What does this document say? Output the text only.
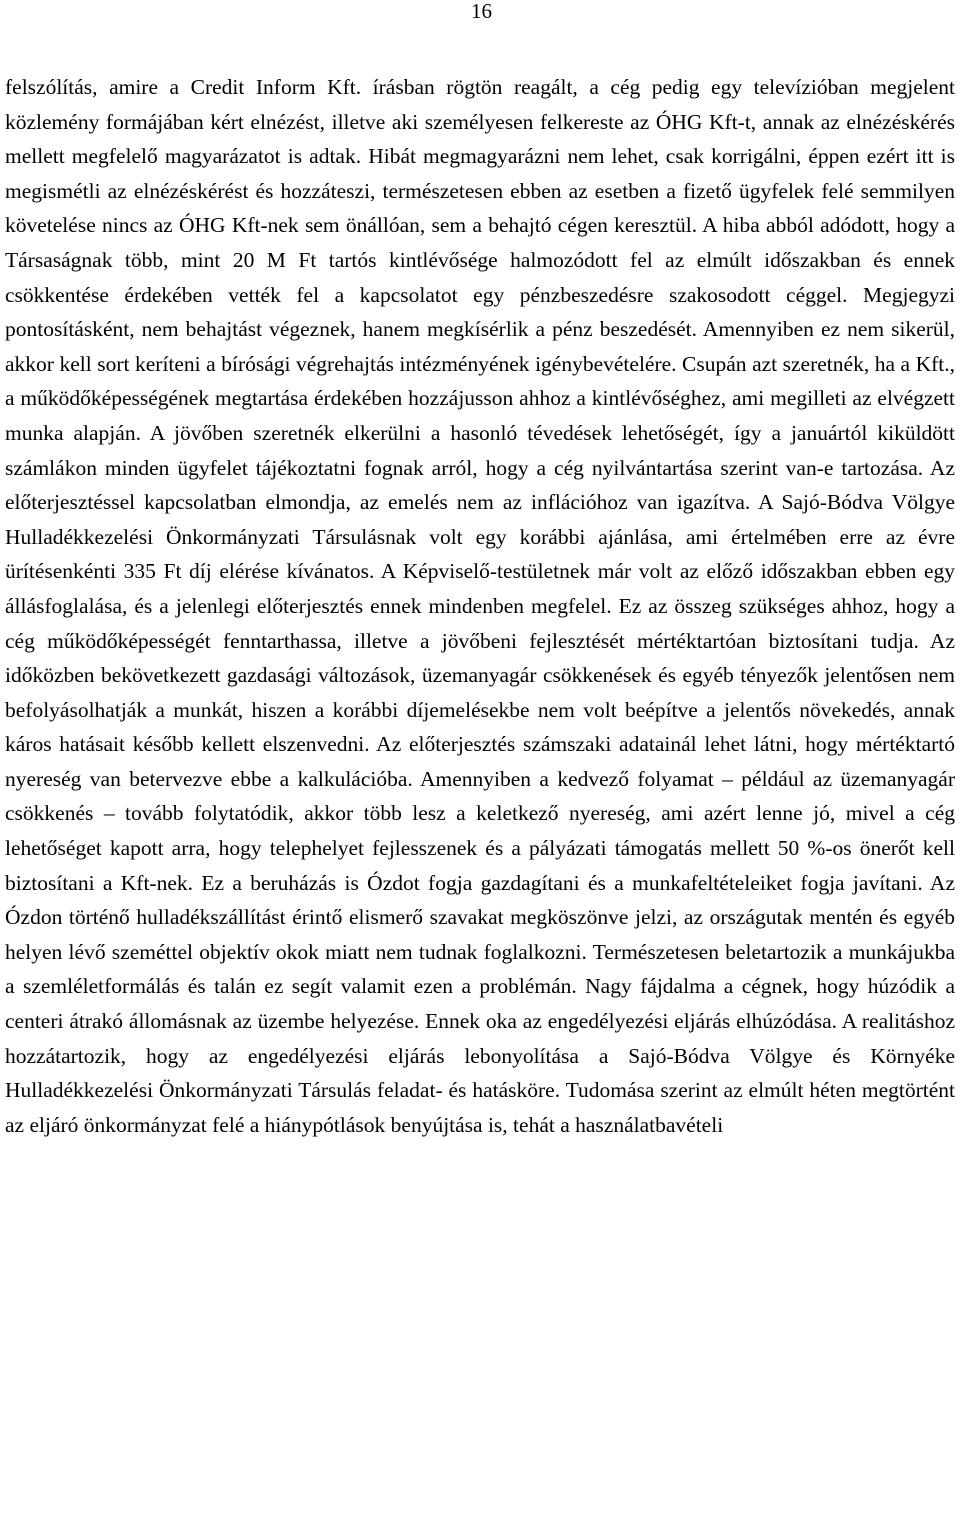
16

felszólítás, amire a Credit Inform Kft. írásban rögtön reagált, a cég pedig egy televízióban megjelent közlemény formájában kért elnézést, illetve aki személyesen felkereste az ÓHG Kft-t, annak az elnézéskérés mellett megfelelő magyarázatot is adtak. Hibát megmagyarázni nem lehet, csak korrigálni, éppen ezért itt is megismétli az elnézéskérést és hozzáteszi, természetesen ebben az esetben a fizető ügyfelek felé semmilyen követelése nincs az ÓHG Kft-nek sem önállóan, sem a behajtó cégen keresztül. A hiba abból adódott, hogy a Társaságnak több, mint 20 M Ft tartós kintlévősége halmozódott fel az elmúlt időszakban és ennek csökkentése érdekében vették fel a kapcsolatot egy pénzbeszedésre szakosodott céggel. Megjegyzi pontosításként, nem behajtást végeznek, hanem megkísérlik a pénz beszedését. Amennyiben ez nem sikerül, akkor kell sort keríteni a bírósági végrehajtás intézményének igénybevételére. Csupán azt szeretnék, ha a Kft., a működőképességének megtartása érdekében hozzájusson ahhoz a kintlévőséghez, ami megilleti az elvégzett munka alapján. A jövőben szeretnék elkerülni a hasonló tévedések lehetőségét, így a januártól kiküldött számlákon minden ügyfelet tájékoztatni fognak arról, hogy a cég nyilvántartása szerint van-e tartozása. Az előterjesztéssel kapcsolatban elmondja, az emelés nem az inflációhoz van igazítva. A Sajó-Bódva Völgye Hulladékkezelési Önkormányzati Társulásnak volt egy korábbi ajánlása, ami értelmében erre az évre ürítésenkénti 335 Ft díj elérése kívánatos. A Képviselő-testületnek már volt az előző időszakban ebben egy állásfoglalása, és a jelenlegi előterjesztés ennek mindenben megfelel. Ez az összeg szükséges ahhoz, hogy a cég működőképességét fenntarthassa, illetve a jövőbeni fejlesztését mértéktartóan biztosítani tudja. Az időközben bekövetkezett gazdasági változások, üzemanyagár csökkenések és egyéb tényezők jelentősen nem befolyásolhatják a munkát, hiszen a korábbi díjemelésekbe nem volt beépítve a jelentős növekedés, annak káros hatásait később kellett elszenvedni. Az előterjesztés számszaki adatainál lehet látni, hogy mértéktartó nyereség van betervezve ebbe a kalkulációba. Amennyiben a kedvező folyamat – például az üzemanyagár csökkenés – tovább folytatódik, akkor több lesz a keletkező nyereség, ami azért lenne jó, mivel a cég lehetőséget kapott arra, hogy telephelyet fejlesszenek és a pályázati támogatás mellett 50 %-os önerőt kell biztosítani a Kft-nek. Ez a beruházás is Ózdot fogja gazdagítani és a munkafeltételeiket fogja javítani. Az Ózdon történő hulladékszállítást érintő elismerő szavakat megköszönve jelzi, az országutak mentén és egyéb helyen lévő szeméttel objektív okok miatt nem tudnak foglalkozni. Természetesen beletartozik a munkájukba a szemléletformálás és talán ez segít valamit ezen a problémán. Nagy fájdalma a cégnek, hogy húzódik a centeri átrakó állomásnak az üzembe helyezése. Ennek oka az engedélyezési eljárás elhúzódása. A realitáshoz hozzátartozik, hogy az engedélyezési eljárás lebonyolítása a Sajó-Bódva Völgye és Környéke Hulladékkezelési Önkormányzati Társulás feladat- és hatásköre. Tudomása szerint az elmúlt héten megtörtént az eljáró önkormányzat felé a hiánypótlások benyújtása is, tehát a használatbavételi
